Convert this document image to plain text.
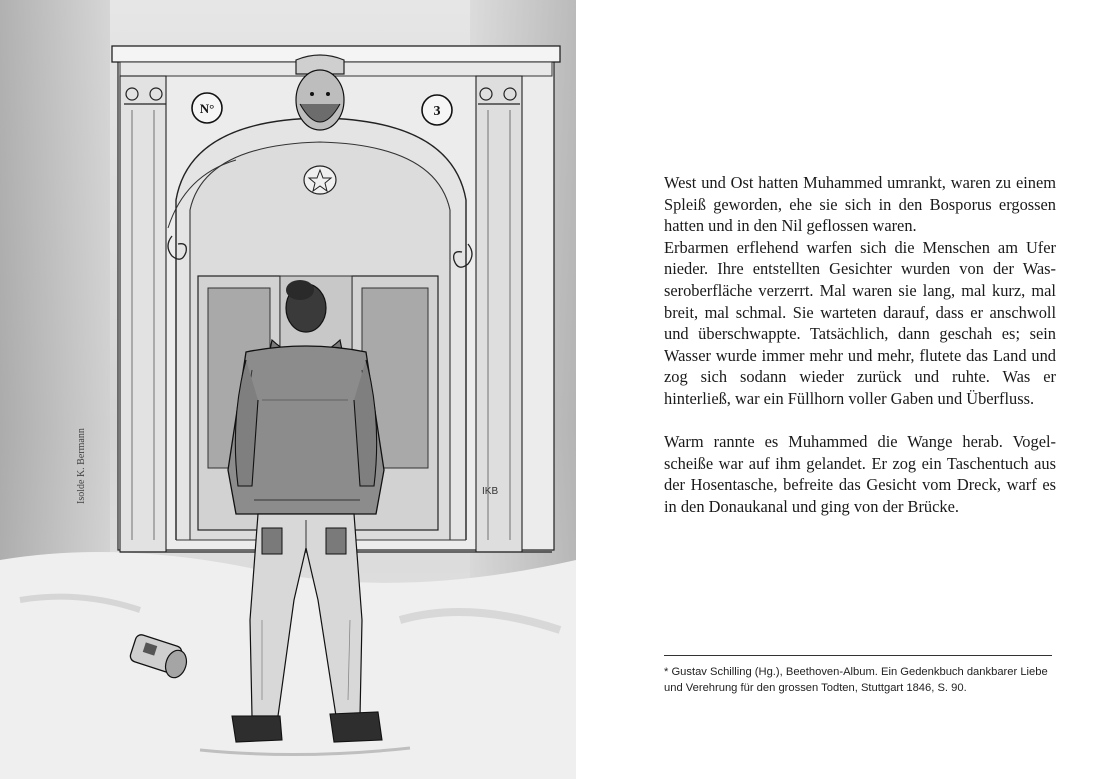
N°	3
Isolde K. Bermann	IKB

West und Ost hatten Muhammed umrankt, waren zu einem Spleiß geworden, ehe sie sich in den Bosporus ergossen hatten und in den Nil geflossen waren.

Erbarmen erflehend warfen sich die Menschen am Ufer nieder. Ihre entstellten Gesichter wurden von der Wasseroberfläche verzerrt. Mal waren sie lang, mal kurz, mal breit, mal schmal. Sie warteten darauf, dass er anschwoll und überschwappte. Tatsächlich, dann geschah es; sein Wasser wurde immer mehr und mehr, flutete das Land und zog sich sodann wieder zurück und ruhte. Was er hinterließ, war ein Füllhorn voller Gaben und Überfluss.

Warm rannte es Muhammed die Wange herab. Vogelscheiße war auf ihm gelandet. Er zog ein Taschentuch aus der Hosentasche, befreite das Gesicht vom Dreck, warf es in den Donaukanal und ging von der Brücke.

* Gustav Schilling (Hg.), Beethoven-Album. Ein Gedenkbuch dankbarer Liebe und Verehrung für den grossen Todten, Stuttgart 1846, S. 90.
